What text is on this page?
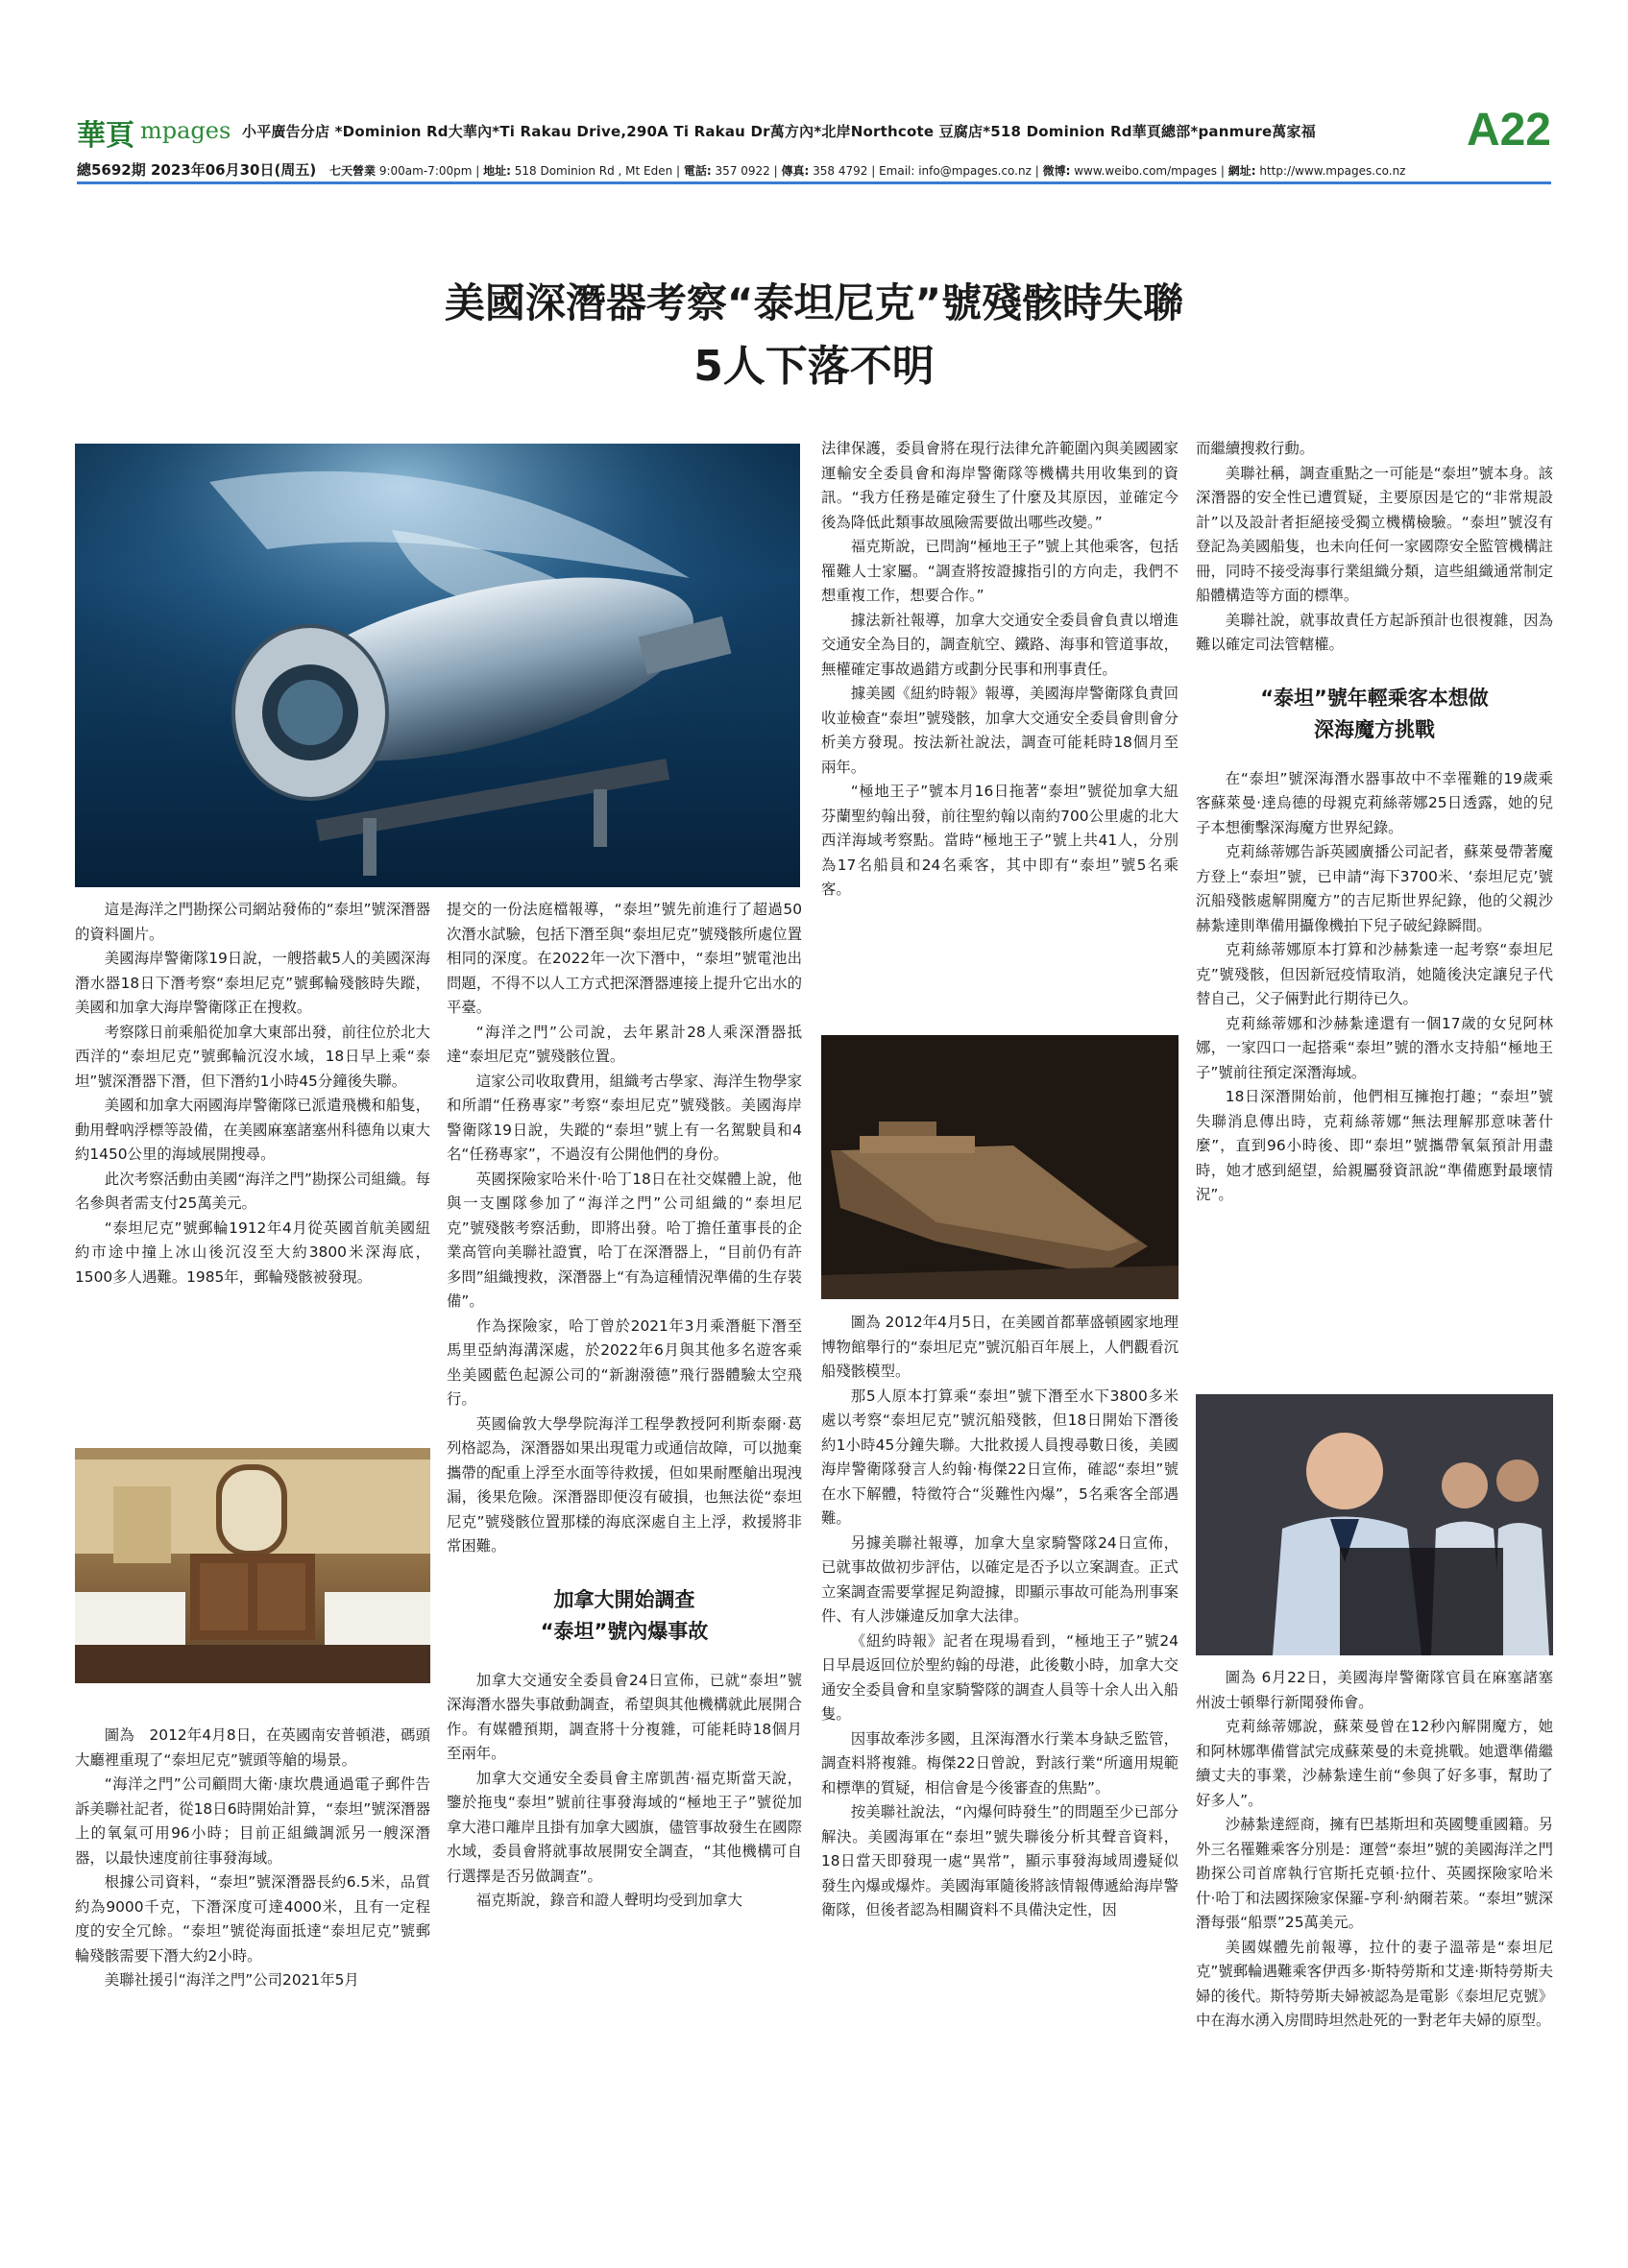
華頁 mpages 小平廣告分店 *Dominion Rd大華內*Ti Rakau Drive,290A Ti Rakau Dr萬方內*北岸Northcote 豆腐店*518 Dominion Rd華頁總部*panmure萬家福	A22
總5692期 2023年06月30日(周五) 七天營業 9:00am-7:00pm | 地址: 518 Dominion Rd , Mt Eden | 電話: 357 0922 | 傳真: 358 4792 | Email: info@mpages.co.nz | 微博: www.weibo.com/mpages | 網址: http://www.mpages.co.nz
美國深潛器考察“泰坦尼克”號殘骸時失聯
5人下落不明

這是海洋之門勘探公司網站發佈的“泰坦”號深潛器的資料圖片。

美國海岸警衛隊19日說，一艘搭載5人的美國深海潛水器18日下潛考察“泰坦尼克”號郵輪殘骸時失蹤，美國和加拿大海岸警衛隊正在搜救。

考察隊日前乘船從加拿大東部出發，前往位於北大西洋的“泰坦尼克”號郵輪沉沒水域，18日早上乘“泰坦”號深潛器下潛，但下潛約1小時45分鐘後失聯。

美國和加拿大兩國海岸警衛隊已派遣飛機和船隻，動用聲吶浮標等設備，在美國麻塞諸塞州科德角以東大約1450公里的海域展開搜尋。

此次考察活動由美國“海洋之門”勘探公司組織。每名參與者需支付25萬美元。

“泰坦尼克”號郵輪1912年4月從英國首航美國紐約市途中撞上冰山後沉沒至大約3800米深海底，1500多人遇難。1985年，郵輪殘骸被發現。

圖為　2012年4月8日，在英國南安普頓港，碼頭大廳裡重現了“泰坦尼克”號頭等艙的場景。

“海洋之門”公司顧問大衛·康坎農通過電子郵件告訴美聯社記者，從18日6時開始計算，“泰坦”號深潛器上的氧氣可用96小時；目前正組織調派另一艘深潛器，以最快速度前往事發海域。

根據公司資料，“泰坦”號深潛器長約6.5米，品質約為9000千克，下潛深度可達4000米，且有一定程度的安全冗餘。“泰坦”號從海面抵達“泰坦尼克”號郵輪殘骸需要下潛大約2小時。

美聯社援引“海洋之門”公司2021年5月

提交的一份法庭檔報導，“泰坦”號先前進行了超過50次潛水試驗，包括下潛至與“泰坦尼克”號殘骸所處位置相同的深度。在2022年一次下潛中，“泰坦”號電池出問題，不得不以人工方式把深潛器連接上提升它出水的平臺。

“海洋之門”公司說，去年累計28人乘深潛器抵達“泰坦尼克”號殘骸位置。

這家公司收取費用，組織考古學家、海洋生物學家和所謂“任務專家”考察“泰坦尼克”號殘骸。美國海岸警衛隊19日說，失蹤的“泰坦”號上有一名駕駛員和4名“任務專家”，不過沒有公開他們的身份。

英國探險家哈米什·哈丁18日在社交媒體上說，他與一支團隊參加了“海洋之門”公司組織的“泰坦尼克”號殘骸考察活動，即將出發。哈丁擔任董事長的企業高管向美聯社證實，哈丁在深潛器上，“目前仍有許多問”組織搜救，深潛器上“有為這種情況準備的生存裝備”。

作為探險家，哈丁曾於2021年3月乘潛艇下潛至馬里亞納海溝深處，於2022年6月與其他多名遊客乘坐美國藍色起源公司的“新謝潑德”飛行器體驗太空飛行。

英國倫敦大學學院海洋工程學教授阿利斯泰爾·葛列格認為，深潛器如果出現電力或通信故障，可以拋棄攜帶的配重上浮至水面等待救援，但如果耐壓艙出現洩漏，後果危險。深潛器即便沒有破損，也無法從“泰坦尼克”號殘骸位置那樣的海底深處自主上浮，救援將非常困難。

加拿大開始調查
“泰坦”號內爆事故

加拿大交通安全委員會24日宣佈，已就“泰坦”號深海潛水器失事啟動調查，希望與其他機構就此展開合作。有媒體預期，調查將十分複雜，可能耗時18個月至兩年。

加拿大交通安全委員會主席凱茜·福克斯當天說，鑒於拖曳“泰坦”號前往事發海域的“極地王子”號從加拿大港口離岸且掛有加拿大國旗，儘管事故發生在國際水域，委員會將就事故展開安全調查，“其他機構可自行選擇是否另做調查”。

福克斯說，錄音和證人聲明均受到加拿大

法律保護，委員會將在現行法律允許範圍內與美國國家運輸安全委員會和海岸警衛隊等機構共用收集到的資訊。“我方任務是確定發生了什麼及其原因，並確定今後為降低此類事故風險需要做出哪些改變。”

福克斯說，已問詢“極地王子”號上其他乘客，包括罹難人士家屬。“調查將按證據指引的方向走，我們不想重複工作，想要合作。”

據法新社報導，加拿大交通安全委員會負責以增進交通安全為目的，調查航空、鐵路、海事和管道事故，無權確定事故過錯方或劃分民事和刑事責任。

據美國《紐約時報》報導，美國海岸警衛隊負責回收並檢查“泰坦”號殘骸，加拿大交通安全委員會則會分析美方發現。按法新社說法，調查可能耗時18個月至兩年。

“極地王子”號本月16日拖著“泰坦”號從加拿大紐芬蘭聖約翰出發，前往聖約翰以南約700公里處的北大西洋海域考察點。當時“極地王子”號上共41人，分別為17名船員和24名乘客，其中即有“泰坦”號5名乘客。

圖為 2012年4月5日，在美國首都華盛頓國家地理博物館舉行的“泰坦尼克”號沉船百年展上，人們觀看沉船殘骸模型。

那5人原本打算乘“泰坦”號下潛至水下3800多米處以考察“泰坦尼克”號沉船殘骸，但18日開始下潛後約1小時45分鐘失聯。大批救援人員搜尋數日後，美國海岸警衛隊發言人約翰·梅傑22日宣佈，確認“泰坦”號在水下解體，特徵符合“災難性內爆”，5名乘客全部遇難。

另據美聯社報導，加拿大皇家騎警隊24日宣佈，已就事故做初步評估，以確定是否予以立案調查。正式立案調查需要掌握足夠證據，即顯示事故可能為刑事案件、有人涉嫌違反加拿大法律。

《紐約時報》記者在現場看到，“極地王子”號24日早晨返回位於聖約翰的母港，此後數小時，加拿大交通安全委員會和皇家騎警隊的調查人員等十余人出入船隻。

因事故牽涉多國，且深海潛水行業本身缺乏監管，調查料將複雜。梅傑22日曾說，對該行業“所適用規範和標準的質疑，相信會是今後審查的焦點”。

按美聯社說法，“內爆何時發生”的問題至少已部分解決。美國海軍在“泰坦”號失聯後分析其聲音資料，18日當天即發現一處“異常”，顯示事發海域周邊疑似發生內爆或爆炸。美國海軍隨後將該情報傳遞給海岸警衛隊，但後者認為相關資料不具備決定性，因

而繼續搜救行動。

美聯社稱，調查重點之一可能是“泰坦”號本身。該深潛器的安全性已遭質疑，主要原因是它的“非常規設計”以及設計者拒絕接受獨立機構檢驗。“泰坦”號沒有登記為美國船隻，也未向任何一家國際安全監管機構註冊，同時不接受海事行業組織分類，這些組織通常制定船體構造等方面的標準。

美聯社說，就事故責任方起訴預計也很複雜，因為難以確定司法管轄權。

“泰坦”號年輕乘客本想做
深海魔方挑戰

在“泰坦”號深海潛水器事故中不幸罹難的19歲乘客蘇萊曼·達烏德的母親克莉絲蒂娜25日透露，她的兒子本想衝擊深海魔方世界紀錄。

克莉絲蒂娜告訴英國廣播公司記者，蘇萊曼帶著魔方登上“泰坦”號，已申請“海下3700米、‘泰坦尼克’號沉船殘骸處解開魔方”的吉尼斯世界紀錄，他的父親沙赫紮達則準備用攝像機拍下兒子破紀錄瞬間。

克莉絲蒂娜原本打算和沙赫紮達一起考察“泰坦尼克”號殘骸，但因新冠疫情取消，她隨後決定讓兒子代替自己，父子倆對此行期待已久。

克莉絲蒂娜和沙赫紮達還有一個17歲的女兒阿林娜，一家四口一起搭乘“泰坦”號的潛水支持船“極地王子”號前往預定深潛海域。

18日深潛開始前，他們相互擁抱打趣；“泰坦”號失聯消息傳出時，克莉絲蒂娜“無法理解那意味著什麼”，直到96小時後、即“泰坦”號攜帶氧氣預計用盡時，她才感到絕望，給親屬發資訊說“準備應對最壞情況”。

圖為 6月22日，美國海岸警衛隊官員在麻塞諸塞州波士頓舉行新聞發佈會。

克莉絲蒂娜說，蘇萊曼曾在12秒內解開魔方，她和阿林娜準備嘗試完成蘇萊曼的未竟挑戰。她還準備繼續丈夫的事業，沙赫紮達生前“參與了好多事，幫助了好多人”。

沙赫紮達經商，擁有巴基斯坦和英國雙重國籍。另外三名罹難乘客分別是：運營“泰坦”號的美國海洋之門勘探公司首席執行官斯托克頓·拉什、英國探險家哈米什·哈丁和法國探險家保羅-亨利·納爾若萊。“泰坦”號深潛每張“船票”25萬美元。

美國媒體先前報導，拉什的妻子溫蒂是“泰坦尼克”號郵輪遇難乘客伊西多·斯特勞斯和艾達·斯特勞斯夫婦的後代。斯特勞斯夫婦被認為是電影《泰坦尼克號》中在海水湧入房間時坦然赴死的一對老年夫婦的原型。
